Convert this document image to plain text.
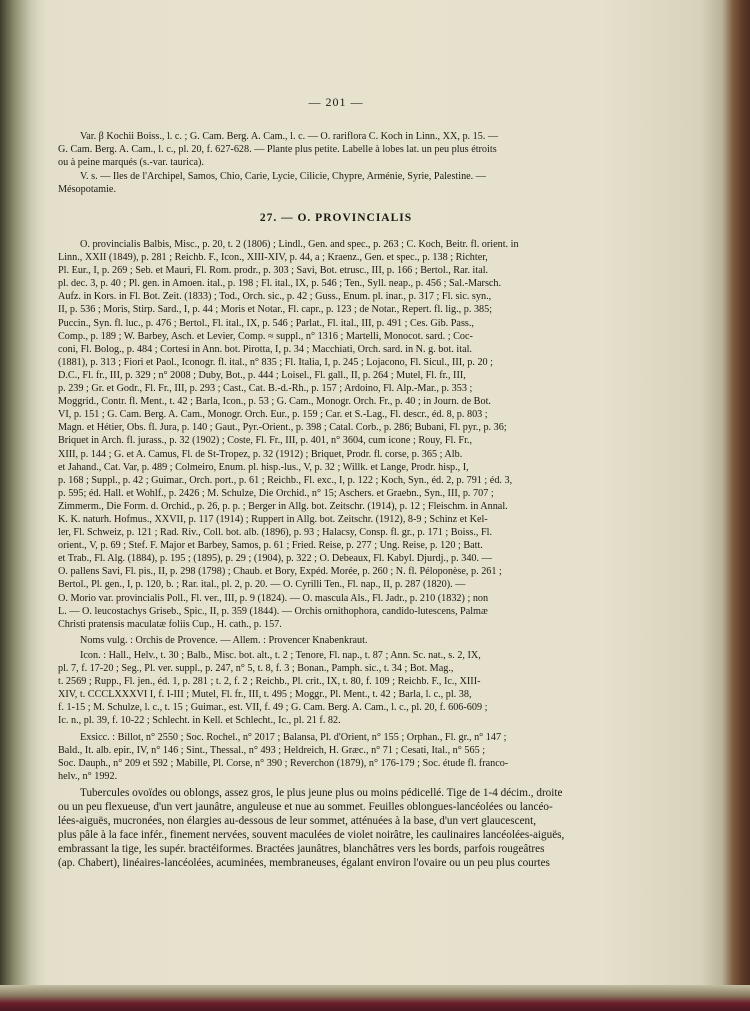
— 201 —

Var. β Kochii Boiss., l. c. ; G. Cam. Berg. A. Cam., l. c. — O. rariflora C. Koch in Linn., XX, p. 15. —

G. Cam. Berg. A. Cam., l. c., pl. 20, f. 627-628. — Plante plus petite. Labelle à lobes lat. un peu plus étroits

ou à peine marqués (s.-var. taurica).

V. s. — Iles de l'Archipel, Samos, Chio, Carie, Lycie, Cilicie, Chypre, Arménie, Syrie, Palestine. —

Mésopotamie.

27. — O. PROVINCIALIS

O. provincialis Balbis, Misc., p. 20, t. 2 (1806) ; Lindl., Gen. and spec., p. 263 ; C. Koch, Beitr. fl. orient. in

Linn., XXII (1849), p. 281 ; Reichb. F., Icon., XIII-XIV, p. 44, a ; Kraenz., Gen. et spec., p. 138 ; Richter,

Pl. Eur., I, p. 269 ; Seb. et Mauri, Fl. Rom. prodr., p. 303 ; Savi, Bot. etrusc., III, p. 166 ; Bertol., Rar. ital.

pl. dec. 3, p. 40 ; Pl. gen. in Amoen. ital., p. 198 ; Fl. ital., IX, p. 546 ; Ten., Syll. neap., p. 456 ; Sal.-Marsch.

Aufz. in Kors. in Fl. Bot. Zeit. (1833) ; Tod., Orch. sic., p. 42 ; Guss., Enum. pl. inar., p. 317 ; Fl. sic. syn.,

II, p. 536 ; Moris, Stirp. Sard., I, p. 44 ; Moris et Notar., Fl. capr., p. 123 ; de Notar., Repert. fl. lig., p. 385;

Puccin., Syn. fl. luc., p. 476 ; Bertol., Fl. ital., IX, p. 546 ; Parlat., Fl. ital., III, p. 491 ; Ces. Gib. Pass.,

Comp., p. 189 ; W. Barbey, Asch. et Levier, Comp. ≈ suppl., n° 1316 ; Martelli, Monocot. sard. ; Coc-

coni, Fl. Bolog., p. 484 ; Cortesi in Ann. bot. Pirotta, I, p. 34 ; Macchiati, Orch. sard. in N. g. bot. ital.

(1881), p. 313 ; Fiori et Paol., Iconogr. fl. ital., n° 835 ; Fl. Italia, I, p. 245 ; Lojacono, Fl. Sicul., III, p. 20 ;

D.C., Fl. fr., III, p. 329 ; n° 2008 ; Duby, Bot., p. 444 ; Loisel., Fl. gall., II, p. 264 ; Mutel, Fl. fr., III,

p. 239 ; Gr. et Godr., Fl. Fr., III, p. 293 ; Cast., Cat. B.-d.-Rh., p. 157 ; Ardoino, Fl. Alp.-Mar., p. 353 ;

Moggrid., Contr. fl. Ment., t. 42 ; Barla, Icon., p. 53 ; G. Cam., Monogr. Orch. Fr., p. 40 ; in Journ. de Bot.

VI, p. 151 ; G. Cam. Berg. A. Cam., Monogr. Orch. Eur., p. 159 ; Car. et S.-Lag., Fl. descr., éd. 8, p. 803 ;

Magn. et Hétier, Obs. fl. Jura, p. 140 ; Gaut., Pyr.-Orient., p. 398 ; Catal. Corb., p. 286; Bubani, Fl. pyr., p. 36;

Briquet in Arch. fl. jurass., p. 32 (1902) ; Coste, Fl. Fr., III, p. 401, n° 3604, cum icone ; Rouy, Fl. Fr.,

XIII, p. 144 ; G. et A. Camus, Fl. de St-Tropez, p. 32 (1912) ; Briquet, Prodr. fl. corse, p. 365 ; Alb.

et Jahand., Cat. Var, p. 489 ; Colmeiro, Enum. pl. hisp.-lus., V, p. 32 ; Willk. et Lange, Prodr. hisp., I,

p. 168 ; Suppl., p. 42 ; Guimar., Orch. port., p. 61 ; Reichb., Fl. exc., I, p. 122 ; Koch, Syn., éd. 2, p. 791 ; éd. 3,

p. 595; éd. Hall. et Wohlf., p. 2426 ; M. Schulze, Die Orchid., n° 15; Aschers. et Graebn., Syn., III, p. 707 ;

Zimmerm., Die Form. d. Orchid., p. 26, p. p. ; Berger in Allg. bot. Zeitschr. (1914), p. 12 ; Fleischm. in Annal.

K. K. naturh. Hofmus., XXVII, p. 117 (1914) ; Ruppert in Allg. bot. Zeitschr. (1912), 8-9 ; Schinz et Kel-

ler, Fl. Schweiz, p. 121 ; Rad. Riv., Coll. bot. alb. (1896), p. 93 ; Halacsy, Consp. fl. gr., p. 171 ; Boiss., Fl.

orient., V, p. 69 ; Stef. F. Major et Barbey, Samos, p. 61 ; Fried. Reise, p. 277 ; Ung. Reise, p. 120 ; Batt.

et Trab., Fl. Alg. (1884), p. 195 ; (1895), p. 29 ; (1904), p. 322 ; O. Debeaux, Fl. Kabyl. Djurdj., p. 340. —

O. pallens Savi, Fl. pis., II, p. 298 (1798) ; Chaub. et Bory, Expéd. Morée, p. 260 ; N. fl. Péloponèse, p. 261 ;

Bertol., Pl. gen., I, p. 120, b. ; Rar. ital., pl. 2, p. 20. — O. Cyrilli Ten., Fl. nap., II, p. 287 (1820). —

O. Morio var. provincialis Poll., Fl. ver., III, p. 9 (1824). — O. mascula Als., Fl. Jadr., p. 210 (1832) ; non

L. — O. leucostachys Griseb., Spic., II, p. 359 (1844). — Orchis ornithophora, candido-lutescens, Palmæ

Christi pratensis maculatæ foliis Cup., H. cath., p. 157.

Noms vulg. : Orchis de Provence. — Allem. : Provencer Knabenkraut.

Icon. : Hall., Helv., t. 30 ; Balb., Misc. bot. alt., t. 2 ; Tenore, Fl. nap., t. 87 ; Ann. Sc. nat., s. 2, IX,

pl. 7, f. 17-20 ; Seg., Pl. ver. suppl., p. 247, n° 5, t. 8, f. 3 ; Bonan., Pamph. sic., t. 34 ; Bot. Mag.,

t. 2569 ; Rupp., Fl. jen., éd. 1, p. 281 ; t. 2, f. 2 ; Reichb., Pl. crit., IX, t. 80, f. 109 ; Reichb. F., Ic., XIII-

XIV, t. CCCLXXXVI I, f. I-III ; Mutel, Fl. fr., III, t. 495 ; Moggr., Pl. Ment., t. 42 ; Barla, l. c., pl. 38,

f. 1-15 ; M. Schulze, l. c., t. 15 ; Guimar., est. VII, f. 49 ; G. Cam. Berg. A. Cam., l. c., pl. 20, f. 606-609 ;

Ic. n., pl. 39, f. 10-22 ; Schlecht. in Kell. et Schlecht., Ic., pl. 21 f. 82.

Exsicc. : Billot, n° 2550 ; Soc. Rochel., n° 2017 ; Balansa, Pl. d'Orient, n° 155 ; Orphan., Fl. gr., n° 147 ;

Bald., It. alb. epir., IV, n° 146 ; Sint., Thessal., n° 493 ; Heldreich, H. Græc., n° 71 ; Cesati, Ital., n° 565 ;

Soc. Dauph., n° 209 et 592 ; Mabille, Pl. Corse, n° 390 ; Reverchon (1879), n° 176-179 ; Soc. étude fl. franco-

helv., n° 1992.

Tubercules ovoïdes ou oblongs, assez gros, le plus jeune plus ou moins pédicellé. Tige de 1-4 décim., droite

ou un peu flexueuse, d'un vert jaunâtre, anguleuse et nue au sommet. Feuilles oblongues-lancéolées ou lancéo-

lées-aiguës, mucronées, non élargies au-dessous de leur sommet, atténuées à la base, d'un vert glaucescent,

plus pâle à la face infér., finement nervées, souvent maculées de violet noirâtre, les caulinaires lancéolées-aiguës,

embrassant la tige, les supér. bractéiformes. Bractées jaunâtres, blanchâtres vers les bords, parfois rougeâtres

(ap. Chabert), linéaires-lancéolées, acuminées, membraneuses, égalant environ l'ovaire ou un peu plus courtes
